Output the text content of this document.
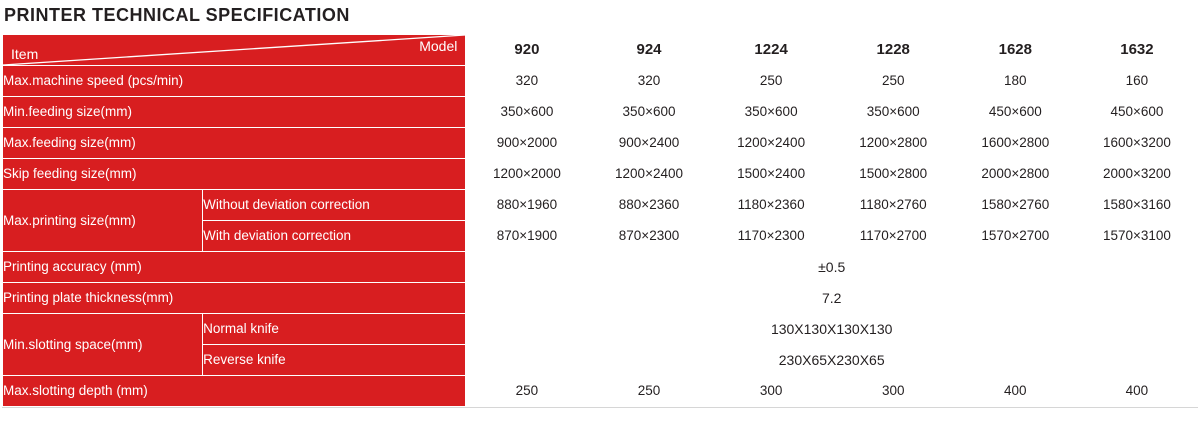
PRINTER TECHNICAL SPECIFICATION
Item Model		920	924	1224	1228	1628	1632
Max.machine speed (pcs/min)		320	320	250	250	180	160
Min.feeding size(mm)		350×600	350×600	350×600	350×600	450×600	450×600
Max.feeding size(mm)		900×2000	900×2400	1200×2400	1200×2800	1600×2800	1600×3200
Skip feeding size(mm)		1200×2000	1200×2400	1500×2400	1500×2800	2000×2800	2000×3200
Max.printing size(mm)	Without deviation correction	880×1960	880×2360	1180×2360	1180×2760	1580×2760	1580×3160
	With deviation correction	870×1900	870×2300	1170×2300	1170×2700	1570×2700	1570×3100
Printing accuracy (mm)		±0.5					
Printing plate thickness(mm)		7.2					
Min.slotting space(mm)	Normal knife	130X130X130X130					
	Reverse knife	230X65X230X65					
Max.slotting depth (mm)		250	250	300	300	400	400
